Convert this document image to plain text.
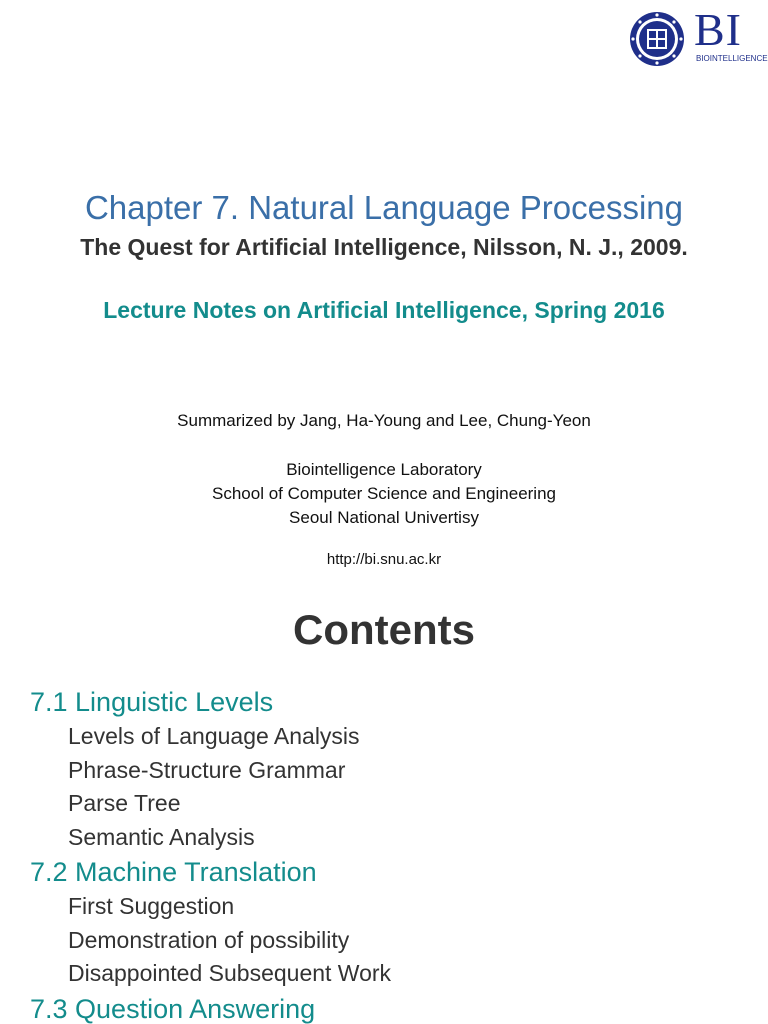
BI
BIOINTELLIGENCE
Chapter 7. Natural Language Processing
The Quest for Artificial Intelligence, Nilsson, N. J., 2009.
Lecture Notes on Artificial Intelligence, Spring 2016
Summarized by Jang, Ha-Young and Lee, Chung-Yeon
Biointelligence Laboratory
School of Computer Science and Engineering
Seoul National Univertisy
http://bi.snu.ac.kr
Contents
7.1 Linguistic Levels
Levels of Language Analysis
Phrase-Structure Grammar
Parse Tree
Semantic Analysis
7.2 Machine Translation
First Suggestion
Demonstration of possibility
Disappointed Subsequent Work
7.3 Question Answering
